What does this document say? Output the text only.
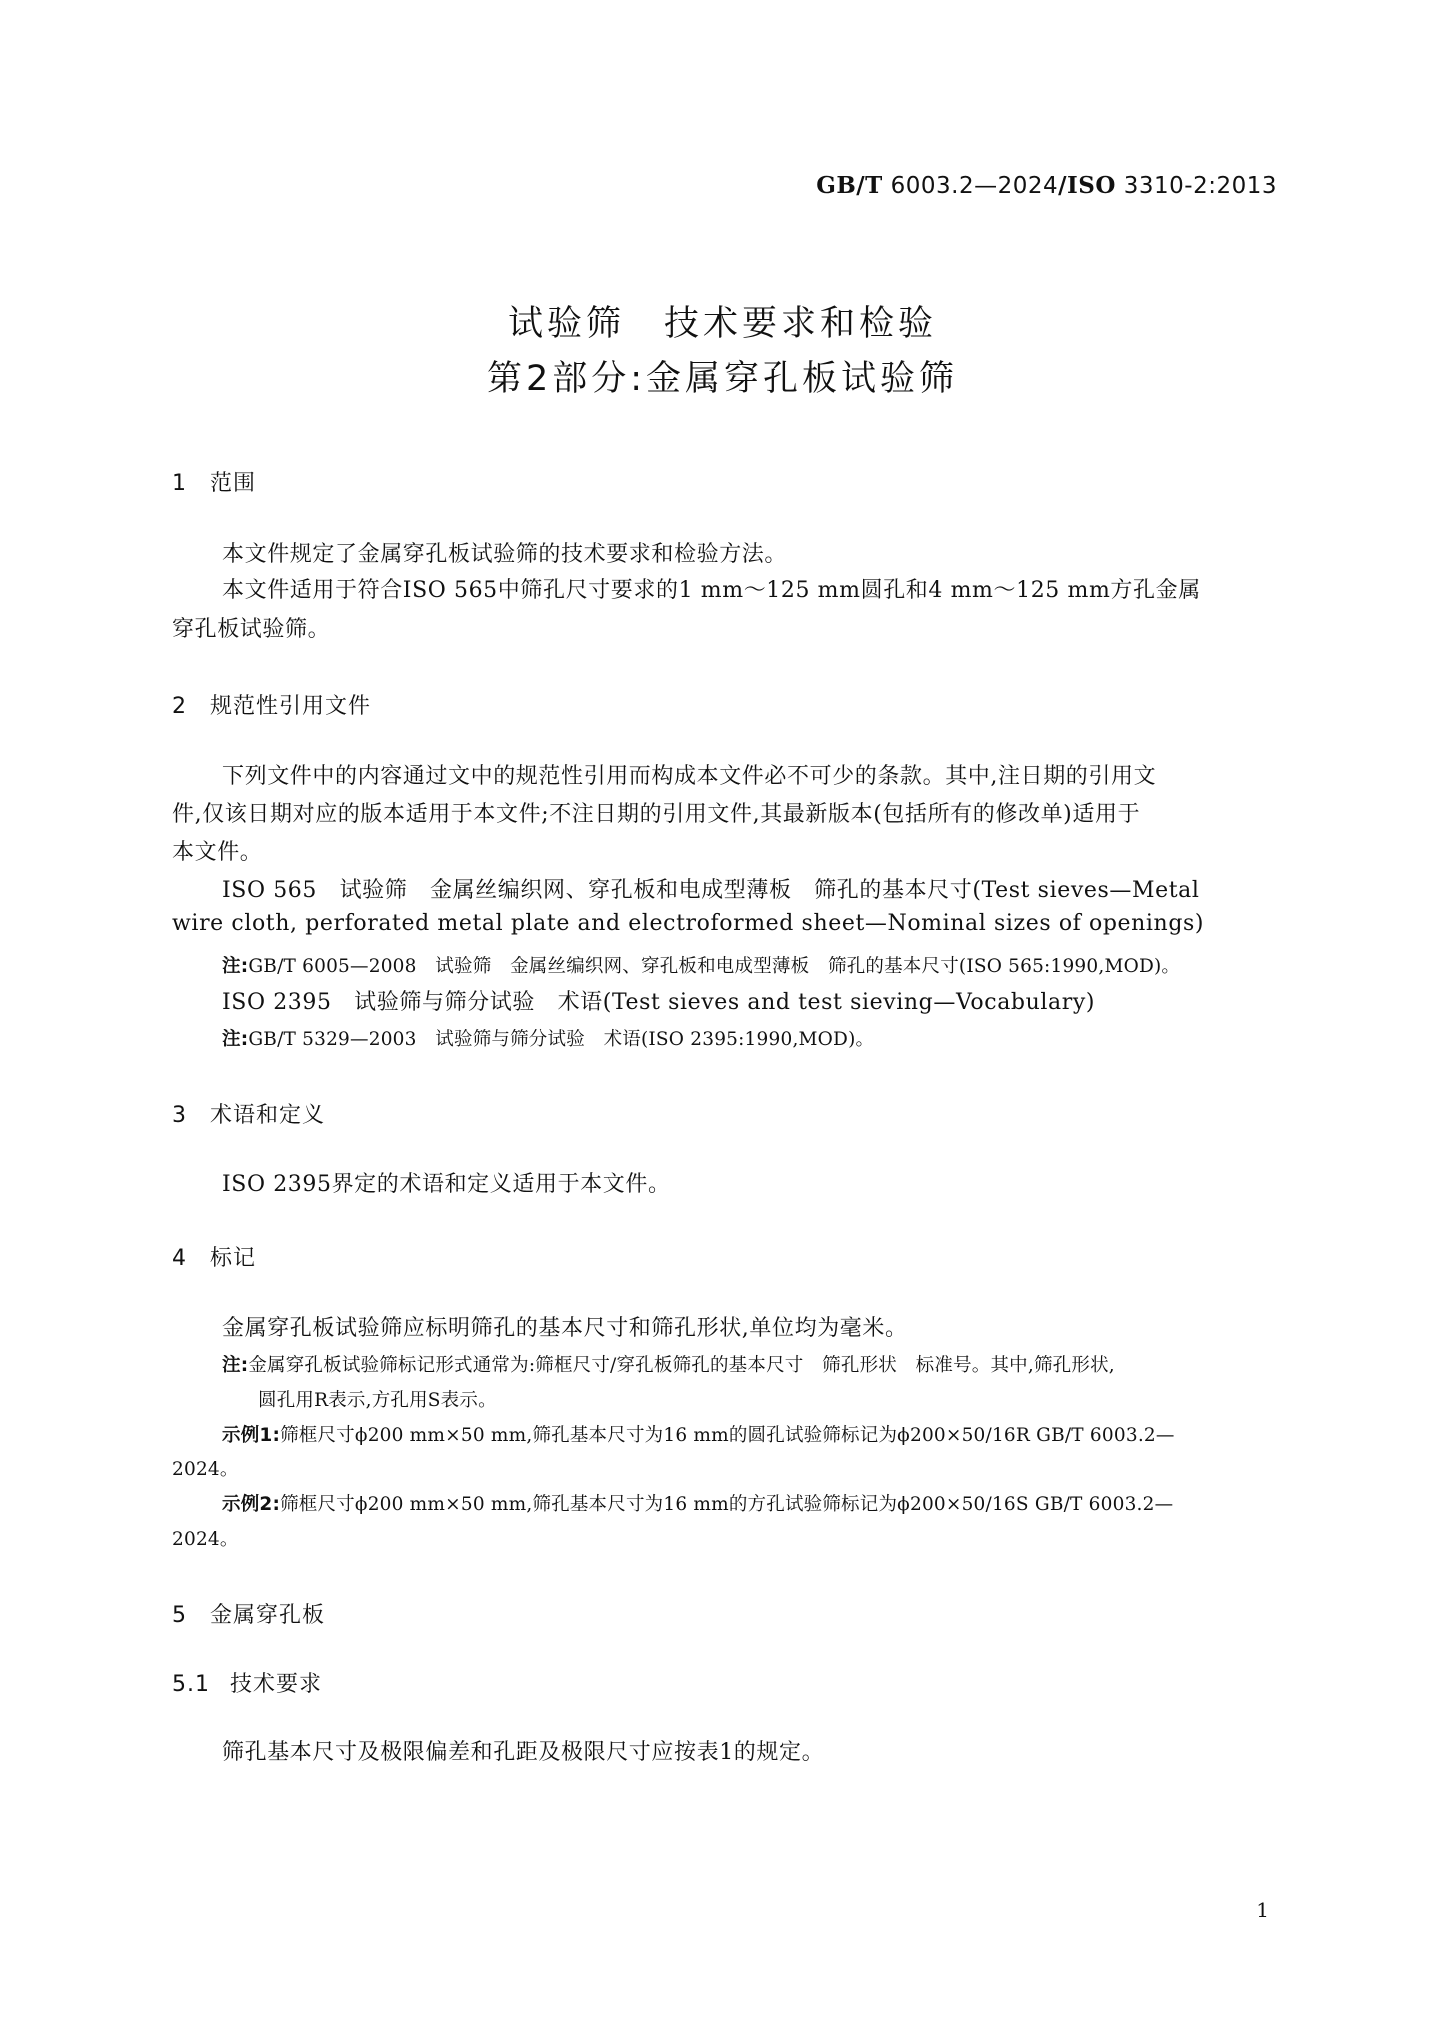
GB/T 6003.2—2024/ISO 3310-2:2013
试验筛　技术要求和检验
第2部分:金属穿孔板试验筛
1 范围
本文件规定了金属穿孔板试验筛的技术要求和检验方法。
本文件适用于符合ISO 565中筛孔尺寸要求的1 mm～125 mm圆孔和4 mm～125 mm方孔金属
穿孔板试验筛。
2 规范性引用文件
下列文件中的内容通过文中的规范性引用而构成本文件必不可少的条款。其中,注日期的引用文
件,仅该日期对应的版本适用于本文件;不注日期的引用文件,其最新版本(包括所有的修改单)适用于
本文件。
ISO 565　试验筛　金属丝编织网、穿孔板和电成型薄板　筛孔的基本尺寸(Test sieves—Metal
wire cloth, perforated metal plate and electroformed sheet—Nominal sizes of openings)
注:GB/T 6005—2008　试验筛　金属丝编织网、穿孔板和电成型薄板　筛孔的基本尺寸(ISO 565:1990,MOD)。
ISO 2395　试验筛与筛分试验　术语(Test sieves and test sieving—Vocabulary)
注:GB/T 5329—2003　试验筛与筛分试验　术语(ISO 2395:1990,MOD)。
3 术语和定义
ISO 2395界定的术语和定义适用于本文件。
4 标记
金属穿孔板试验筛应标明筛孔的基本尺寸和筛孔形状,单位均为毫米。
注:金属穿孔板试验筛标记形式通常为:筛框尺寸/穿孔板筛孔的基本尺寸　筛孔形状　标准号。其中,筛孔形状,
圆孔用R表示,方孔用S表示。
示例1:筛框尺寸ϕ200 mm×50 mm,筛孔基本尺寸为16 mm的圆孔试验筛标记为ϕ200×50/16R GB/T 6003.2—
2024。
示例2:筛框尺寸ϕ200 mm×50 mm,筛孔基本尺寸为16 mm的方孔试验筛标记为ϕ200×50/16S GB/T 6003.2—
2024。
5 金属穿孔板
5.1 技术要求
筛孔基本尺寸及极限偏差和孔距及极限尺寸应按表1的规定。
1
